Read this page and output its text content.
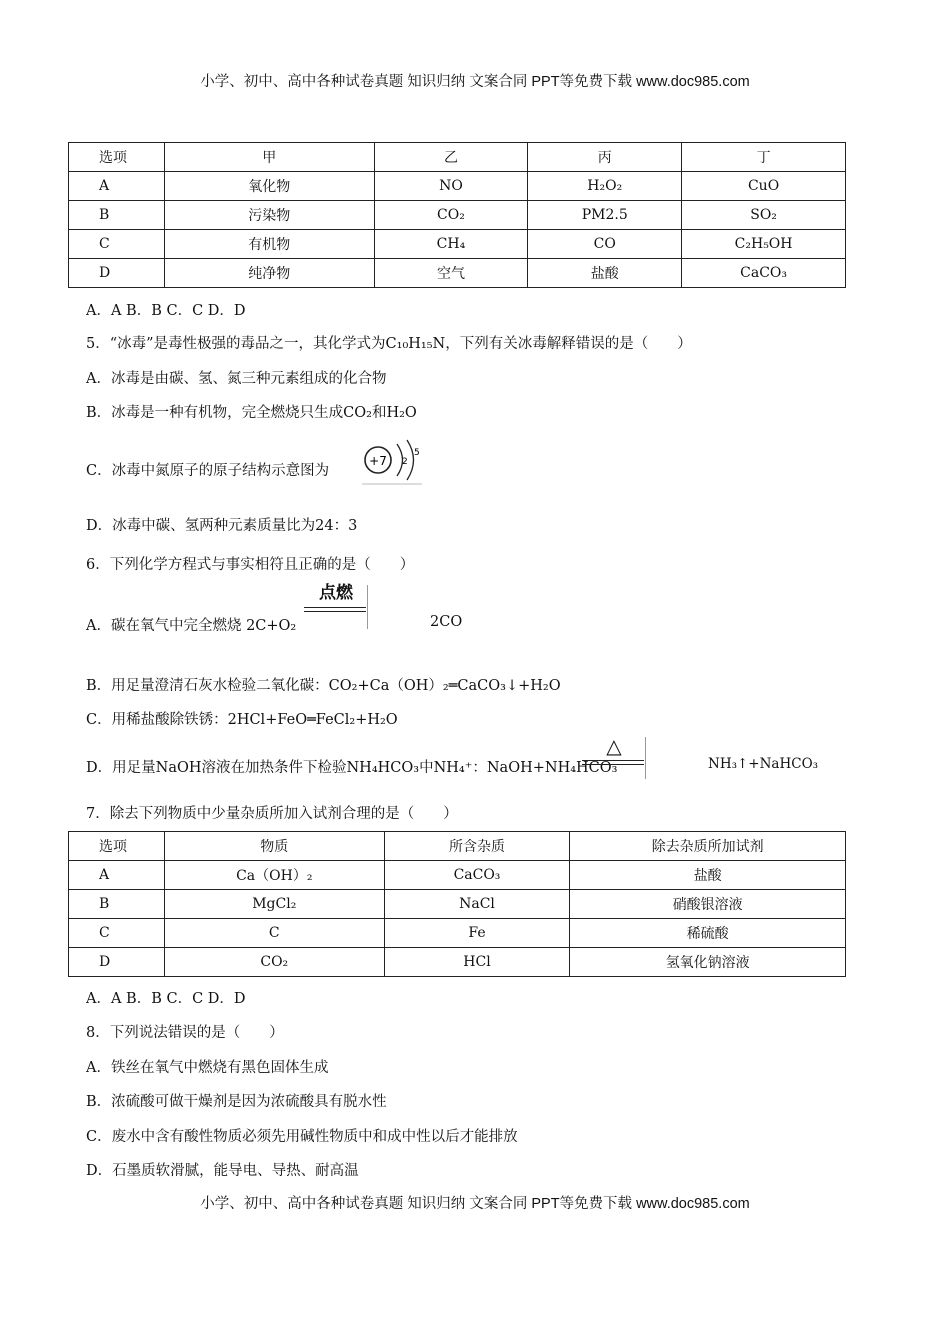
小学、初中、高中各种试卷真题 知识归纳 文案合同 PPT等免费下载 www.doc985.com
选项	甲	乙	丙	丁
A	氧化物	NO	H₂O₂	CuO
B	污染物	CO₂	PM2.5	SO₂
C	有机物	CH₄	CO	C₂H₅OH
D	纯净物	空气	盐酸	CaCO₃
A．A B．B C．C D．D
5．“冰毒”是毒性极强的毒品之一，其化学式为C₁₀H₁₅N，下列有关冰毒解释错误的是（　　）
A．冰毒是由碳、氢、氮三种元素组成的化合物
B．冰毒是一种有机物，完全燃烧只生成CO₂和H₂O
C．冰毒中氮原子的原子结构示意图为
+7 2
5
D．冰毒中碳、氢两种元素质量比为24：3
6．下列化学方程式与事实相符且正确的是（　　）
A．碳在氧气中完全燃烧 2C+O₂
点燃
2CO
B．用足量澄清石灰水检验二氧化碳：CO₂+Ca（OH）₂═CaCO₃↓+H₂O
C．用稀盐酸除铁锈：2HCl+FeO═FeCl₂+H₂O
D．用足量NaOH溶液在加热条件下检验NH₄HCO₃中NH₄⁺：NaOH+NH₄HCO₃
△
NH₃↑+NaHCO₃
7．除去下列物质中少量杂质所加入试剂合理的是（　　）
选项	物质	所含杂质	除去杂质所加试剂
A	Ca（OH）₂	CaCO₃	盐酸
B	MgCl₂	NaCl	硝酸银溶液
C	C	Fe	稀硫酸
D	CO₂	HCl	氢氧化钠溶液
A．A B．B C．C D．D
8．下列说法错误的是（　　）
A．铁丝在氧气中燃烧有黑色固体生成
B．浓硫酸可做干燥剂是因为浓硫酸具有脱水性
C．废水中含有酸性物质必须先用碱性物质中和成中性以后才能排放
D．石墨质软滑腻，能导电、导热、耐高温
小学、初中、高中各种试卷真题 知识归纳 文案合同 PPT等免费下载 www.doc985.com
